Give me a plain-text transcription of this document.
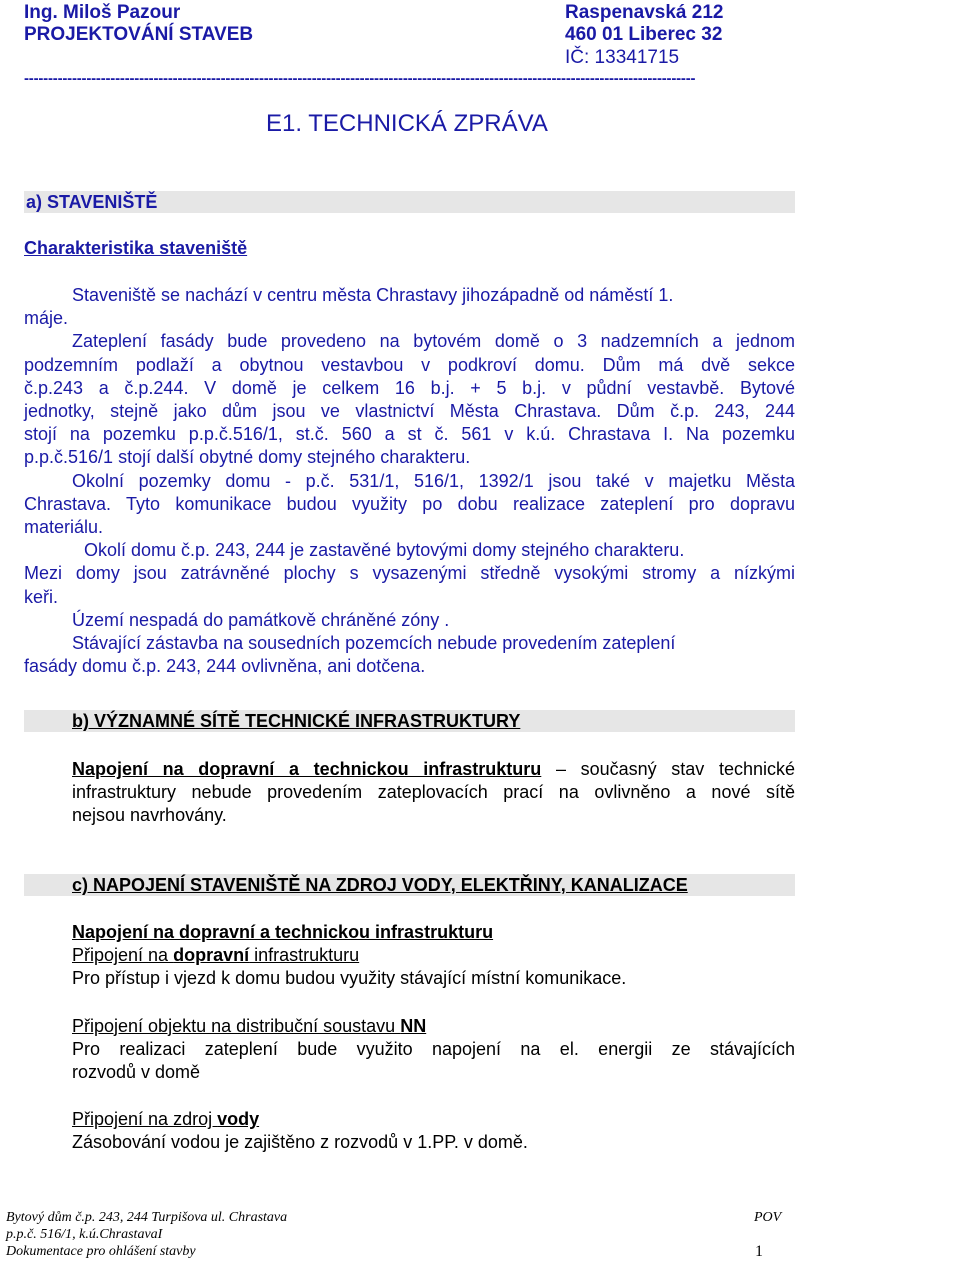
Ing. Miloš Pazour
PROJEKTOVÁNÍ STAVEB
Raspenavská 212
460 01 Liberec 32
IČ: 13341715
--------------------------------------------------------------------------------------------------------------------------------------------
E1. TECHNICKÁ ZPRÁVA
a) STAVENIŠTĚ
Charakteristika staveniště
Staveniště se nachází v centru města Chrastavy jihozápadně od náměstí 1.
máje.
Zateplení fasády bude provedeno na bytovém domě o 3 nadzemních a jednom
podzemním podlaží a obytnou vestavbou v podkroví domu. Dům má dvě sekce
č.p.243 a č.p.244. V domě je celkem 16 b.j. + 5 b.j. v půdní vestavbě. Bytové
jednotky, stejně jako dům jsou ve vlastnictví Města Chrastava. Dům č.p. 243, 244
stojí na pozemku p.p.č.516/1, st.č. 560 a st č. 561 v k.ú. Chrastava I. Na pozemku
p.p.č.516/1 stojí další obytné domy stejného charakteru.
Okolní pozemky domu - p.č. 531/1, 516/1, 1392/1 jsou také v majetku Města
Chrastava. Tyto komunikace budou využity po dobu realizace zateplení pro dopravu
materiálu.
Okolí domu č.p. 243, 244 je zastavěné bytovými domy stejného charakteru.
Mezi domy jsou zatrávněné plochy s vysazenými středně vysokými stromy a nízkými
keři.
Území nespadá do památkově chráněné zóny .
Stávající zástavba na sousedních pozemcích nebude provedením zateplení
fasády domu č.p. 243, 244 ovlivněna, ani dotčena.
b) VÝZNAMNÉ SÍTĚ TECHNICKÉ INFRASTRUKTURY
Napojení na dopravní a technickou infrastrukturu – současný stav technické
infrastruktury nebude provedením zateplovacích prací na ovlivněno a nové sítě
nejsou navrhovány.
c) NAPOJENÍ STAVENIŠTĚ NA ZDROJ VODY, ELEKTŘINY, KANALIZACE
Napojení na dopravní a technickou infrastrukturu
Připojení na dopravní infrastrukturu
Pro přístup i vjezd k domu budou využity stávající místní komunikace.
Připojení objektu na distribuční soustavu NN
Pro realizaci zateplení bude využito napojení na el. energii ze stávajících
rozvodů v domě
Připojení na zdroj vody
Zásobování vodou je zajištěno z rozvodů v 1.PP. v domě.
Bytový dům č.p. 243, 244 Turpišova ul. Chrastava
p.p.č. 516/1, k.ú.ChrastavaI
Dokumentace pro ohlášení stavby
POV
1
